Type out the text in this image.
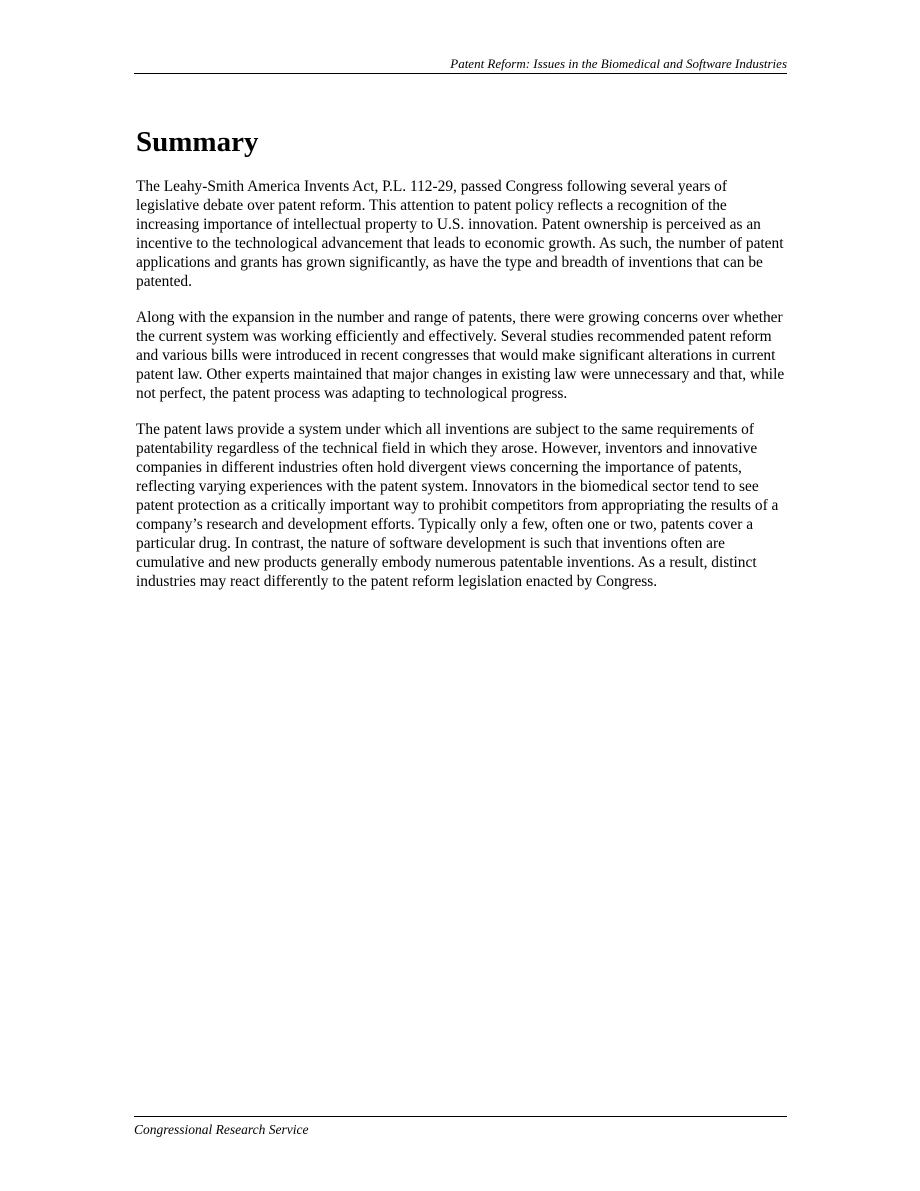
Patent Reform: Issues in the Biomedical and Software Industries
Summary

The Leahy-Smith America Invents Act, P.L. 112-29, passed Congress following several years of legislative debate over patent reform. This attention to patent policy reflects a recognition of the increasing importance of intellectual property to U.S. innovation. Patent ownership is perceived as an incentive to the technological advancement that leads to economic growth. As such, the number of patent applications and grants has grown significantly, as have the type and breadth of inventions that can be patented.

Along with the expansion in the number and range of patents, there were growing concerns over whether the current system was working efficiently and effectively. Several studies recommended patent reform and various bills were introduced in recent congresses that would make significant alterations in current patent law. Other experts maintained that major changes in existing law were unnecessary and that, while not perfect, the patent process was adapting to technological progress.

The patent laws provide a system under which all inventions are subject to the same requirements of patentability regardless of the technical field in which they arose. However, inventors and innovative companies in different industries often hold divergent views concerning the importance of patents, reflecting varying experiences with the patent system. Innovators in the biomedical sector tend to see patent protection as a critically important way to prohibit competitors from appropriating the results of a company’s research and development efforts. Typically only a few, often one or two, patents cover a particular drug. In contrast, the nature of software development is such that inventions often are cumulative and new products generally embody numerous patentable inventions. As a result, distinct industries may react differently to the patent reform legislation enacted by Congress.

Congressional Research Service
